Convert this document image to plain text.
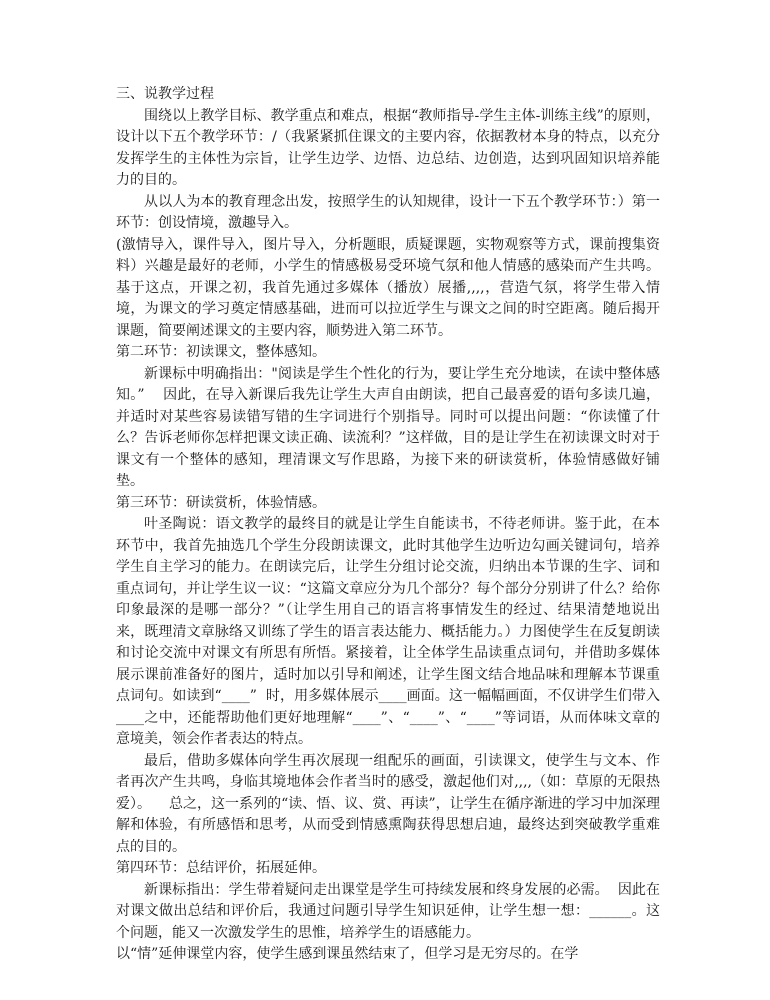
三、说教学过程

围绕以上教学目标、教学重点和难点，根据“教师指导-学生主体-训练主线”的原则，设计以下五个教学环节：/（我紧紧抓住课文的主要内容，依据教材本身的特点，以充分发挥学生的主体性为宗旨，让学生边学、边悟、边总结、边创造，达到巩固知识培养能力的目的。

从以人为本的教育理念出发，按照学生的认知规律，设计一下五个教学环节：）第一环节：创设情境，激趣导入。

(激情导入，课件导入，图片导入，分析题眼，质疑课题，实物观察等方式，课前搜集资料）兴趣是最好的老师，小学生的情感极易受环境气氛和他人情感的感染而产生共鸣。  基于这点，开课之初，我首先通过多媒体（播放）展播,,,,，营造气氛，将学生带入情境，为课文的学习奠定情感基础，进而可以拉近学生与课文之间的时空距离。随后揭开课题，简要阐述课文的主要内容，顺势进入第二环节。

第二环节：初读课文，整体感知。

新课标中明确指出："阅读是学生个性化的行为，要让学生充分地读，在读中整体感知。”    因此，在导入新课后我先让学生大声自由朗读，把自己最喜爱的语句多读几遍，并适时对某些容易读错写错的生字词进行个别指导。同时可以提出问题：“你读懂了什么？告诉老师你怎样把课文读正确、读流利？”这样做，目的是让学生在初读课文时对于课文有一个整体的感知，理清课文写作思路，为接下来的研读赏析，体验情感做好铺垫。

第三环节：研读赏析，体验情感。

叶圣陶说：语文教学的最终目的就是让学生自能读书，不待老师讲。鉴于此，在本环节中，我首先抽选几个学生分段朗读课文，此时其他学生边听边勾画关键词句，培养学生自主学习的能力。在朗读完后，让学生分组讨论交流，归纳出本节课的生字、词和重点词句，并让学生议一议：“这篇文章应分为几个部分？每个部分分别讲了什么？给你印象最深的是哪一部分？”（让学生用自己的语言将事情发生的经过、结果清楚地说出来，既理清文章脉络又训练了学生的语言表达能力、概括能力。）力图使学生在反复朗读和讨论交流中对课文有所思有所悟。紧接着，让全体学生品读重点词句，并借助多媒体展示课前准备好的图片，适时加以引导和阐述，让学生图文结合地品味和理解本节课重点词句。如读到“____”  时，用多媒体展示____画面。这一幅幅画面，不仅讲学生们带入____之中，还能帮助他们更好地理解“____”、“____”、“____”等词语，从而体味文章的意境美，领会作者表达的特点。

最后，借助多媒体向学生再次展现一组配乐的画面，引读课文，使学生与文本、作者再次产生共鸣，身临其境地体会作者当时的感受，激起他们对,,,,（如：草原的无限热爱）。    总之，这一系列的“读、悟、议、赏、再读”，让学生在循序渐进的学习中加深理解和体验，有所感悟和思考，从而受到情感熏陶获得思想启迪，最终达到突破教学重难点的目的。

第四环节：总结评价，拓展延伸。

新课标指出：学生带着疑问走出课堂是学生可持续发展和终身发展的必需。  因此在对课文做出总结和评价后，我通过问题引导学生知识延伸，让学生想一想：______。这个问题，能又一次激发学生的思惟，培养学生的语感能力。

以“情”延伸课堂内容，使学生感到课虽然结束了，但学习是无穷尽的。在学
